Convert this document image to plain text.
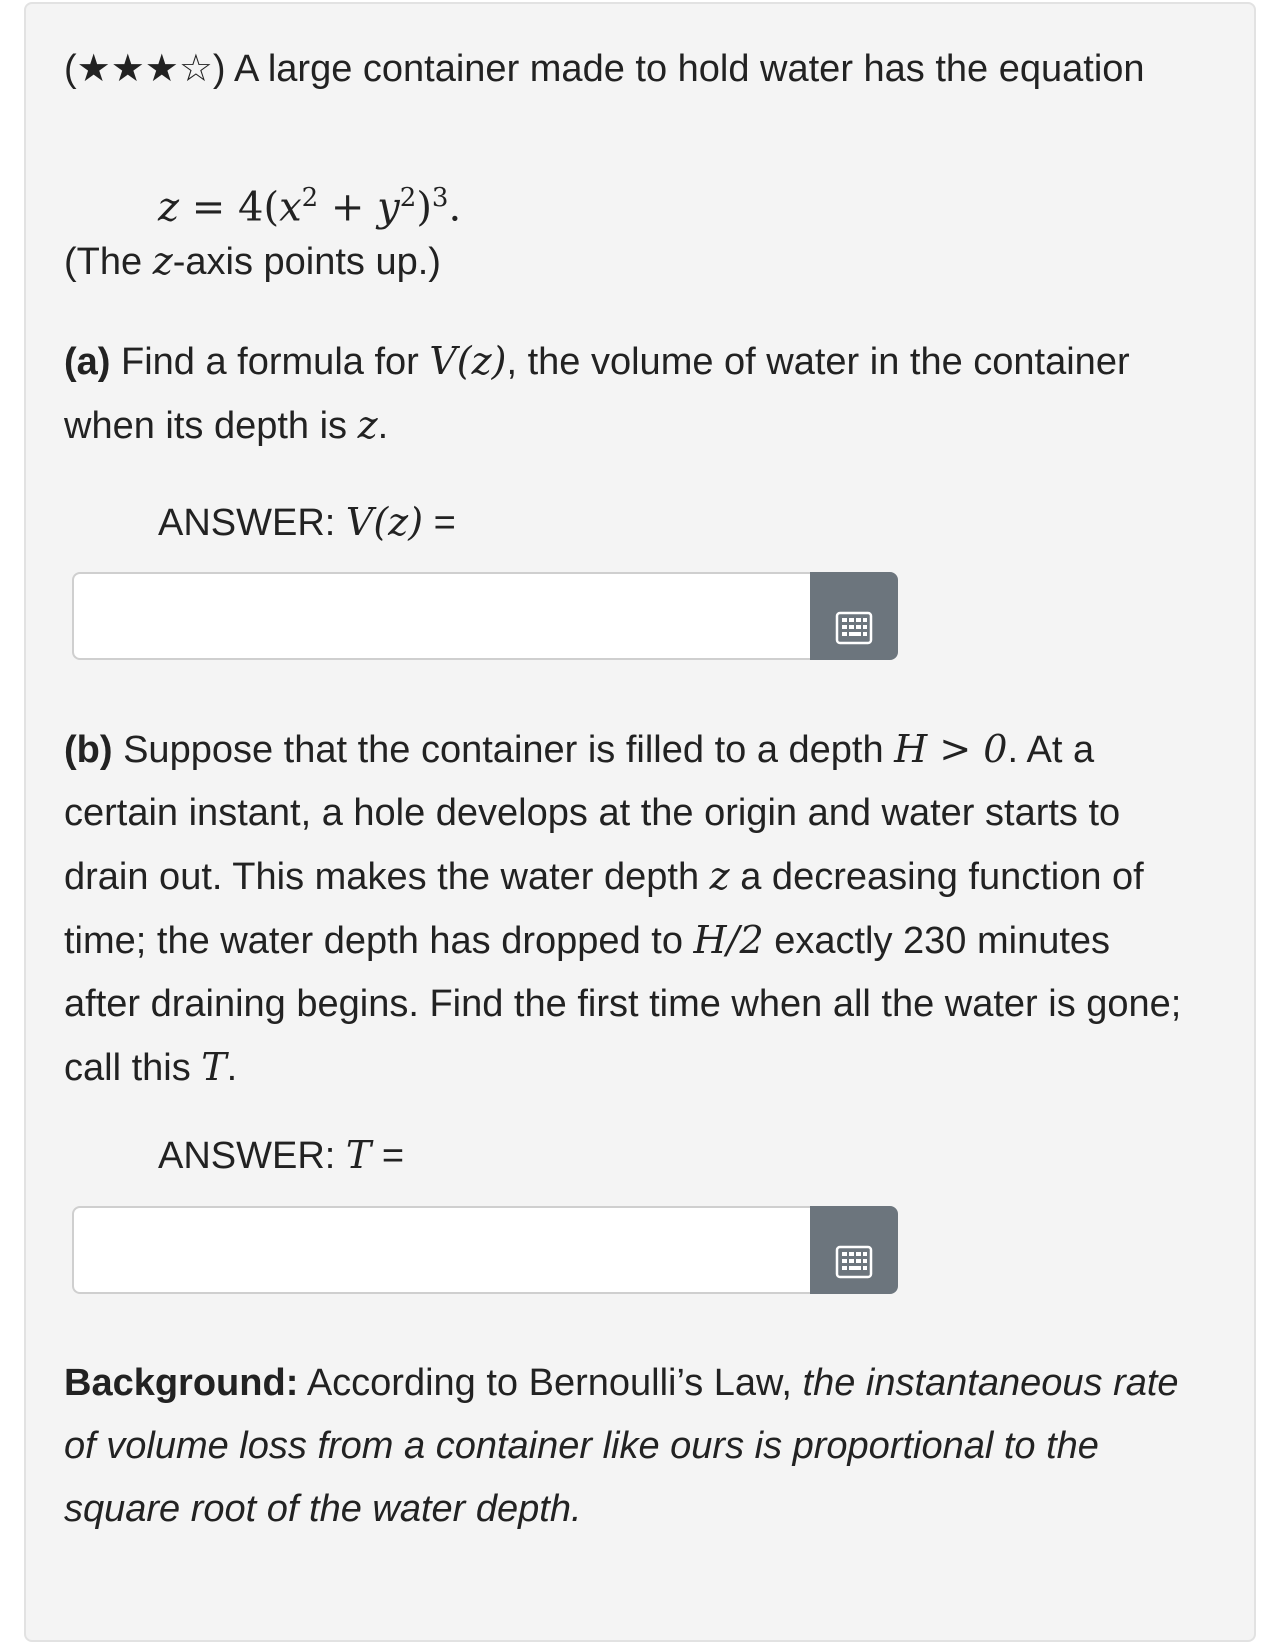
(★★★☆) A large container made to hold water has the equation

$z = 4(x^2 + y^2)^3$.

(The z-axis points up.)

(a) Find a formula for V(z), the volume of water in the container when its depth is z.

ANSWER: V(z) =

(b) Suppose that the container is filled to a depth H > 0. At a certain instant, a hole develops at the origin and water starts to drain out. This makes the water depth z a decreasing function of time; the water depth has dropped to H/2 exactly 230 minutes after draining begins. Find the first time when all the water is gone; call this T.

ANSWER: T =

Background: According to Bernoulli’s Law, the instantaneous rate of volume loss from a container like ours is proportional to the square root of the water depth.
